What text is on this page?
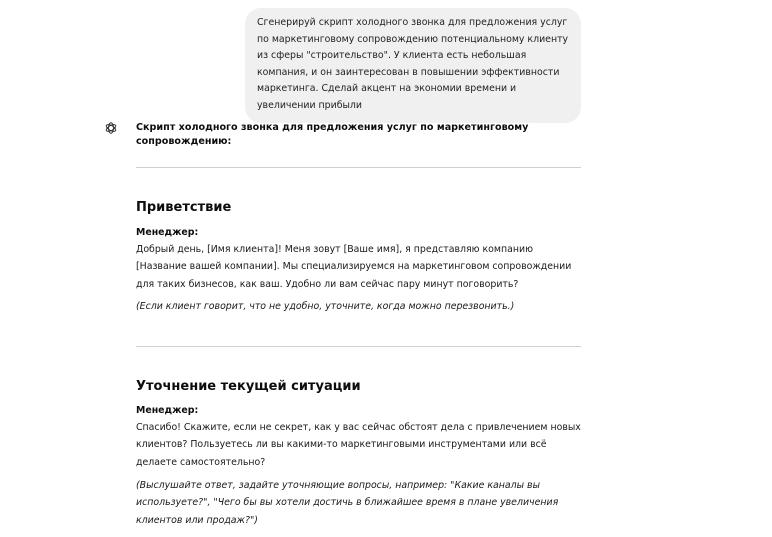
Сгенерируй скрипт холодного звонка для предложения услуг по маркетинговому сопровождению потенциальному клиенту из сферы "строительство". У клиента есть небольшая компания, и он заинтересован в повышении эффективности маркетинга. Сделай акцент на экономии времени и увеличении прибыли
Скрипт холодного звонка для предложения услуг по маркетинговому сопровождению:
Приветствие
Менеджер:
Добрый день, [Имя клиента]! Меня зовут [Ваше имя], я представляю компанию [Название вашей компании]. Мы специализируемся на маркетинговом сопровождении для таких бизнесов, как ваш. Удобно ли вам сейчас пару минут поговорить?
(Если клиент говорит, что не удобно, уточните, когда можно перезвонить.)
Уточнение текущей ситуации
Менеджер:
Спасибо! Скажите, если не секрет, как у вас сейчас обстоят дела с привлечением новых клиентов? Пользуетесь ли вы какими-то маркетинговыми инструментами или всё делаете самостоятельно?
(Выслушайте ответ, задайте уточняющие вопросы, например: "Какие каналы вы используете?", "Чего бы вы хотели достичь в ближайшее время в плане увеличения клиентов или продаж?")
